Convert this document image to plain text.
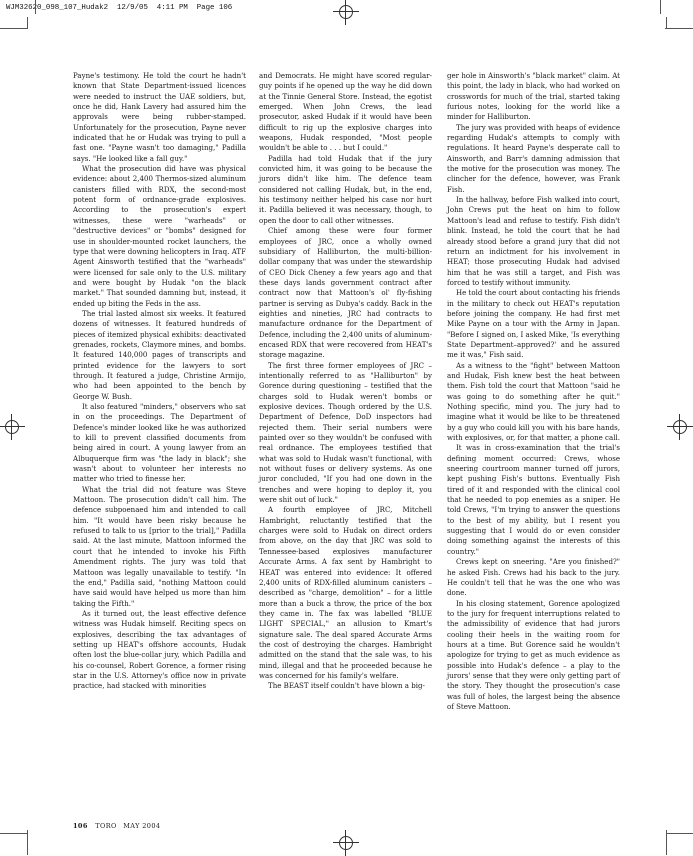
WJM32620_098_107_Hudak2  12/9/05  4:11 PM  Page 106

Payne's testimony. He told the court he hadn't known that State Department-issued licences were needed to instruct the UAE soldiers, but, once he did, Hank Lavery had assured him the approvals were being rubber-stamped. Unfortunately for the prosecution, Payne never indicated that he or Hudak was trying to pull a fast one. "Payne wasn't too damaging," Padilla says. "He looked like a fall guy."

What the prosecution did have was physical evidence: about 2,400 Thermos-sized aluminum canisters filled with RDX, the second-most potent form of ordnance-grade explosives. According to the prosecution's expert witnesses, these were "warheads" or "destructive devices" or "bombs" designed for use in shoulder-mounted rocket launchers, the type that were downing helicopters in Iraq. ATF Agent Ainsworth testified that the "warheads" were licensed for sale only to the U.S. military and were bought by Hudak "on the black market." That sounded damning but, instead, it ended up biting the Feds in the ass.

The trial lasted almost six weeks. It featured dozens of witnesses. It featured hundreds of pieces of itemized physical exhibits: deactivated grenades, rockets, Claymore mines, and bombs. It featured 140,000 pages of transcripts and printed evidence for the lawyers to sort through. It featured a judge, Christine Armijo, who had been appointed to the bench by George W. Bush.

It also featured "minders," observers who sat in on the proceedings. The Department of Defence's minder looked like he was authorized to kill to prevent classified documents from being aired in court. A young lawyer from an Albuquerque firm was "the lady in black"; she wasn't about to volunteer her interests no matter who tried to finesse her.

What the trial did not feature was Steve Mattoon. The prosecution didn't call him. The defence subpoenaed him and intended to call him. "It would have been risky because he refused to talk to us [prior to the trial]," Padilla said. At the last minute, Mattoon informed the court that he intended to invoke his Fifth Amendment rights. The jury was told that Mattoon was legally unavailable to testify. "In the end," Padilla said, "nothing Mattoon could have said would have helped us more than him taking the Fifth."

As it turned out, the least effective defence witness was Hudak himself. Reciting specs on explosives, describing the tax advantages of setting up HEAT's offshore accounts, Hudak often lost the blue-collar jury, which Padilla and his co-counsel, Robert Gorence, a former rising star in the U.S. Attorney's office now in private practice, had stacked with minorities

and Democrats. He might have scored regular-guy points if he opened up the way he did down at the Tinnie General Store. Instead, the egotist emerged. When John Crews, the lead prosecutor, asked Hudak if it would have been difficult to rig up the explosive charges into weapons, Hudak responded, "Most people wouldn't be able to . . . but I could."

Padilla had told Hudak that if the jury convicted him, it was going to be because the jurors didn't like him. The defence team considered not calling Hudak, but, in the end, his testimony neither helped his case nor hurt it. Padilla believed it was necessary, though, to open the door to call other witnesses.

Chief among these were four former employees of JRC, once a wholly owned subsidiary of Halliburton, the multi-billion-dollar company that was under the stewardship of CEO Dick Cheney a few years ago and that these days lands government contract after contract now that Mattoon's ol' fly-fishing partner is serving as Dubya's caddy. Back in the eighties and nineties, JRC had contracts to manufacture ordnance for the Department of Defence, including the 2,400 units of aluminum-encased RDX that were recovered from HEAT's storage magazine.

The first three former employees of JRC – intentionally referred to as "Halliburton" by Gorence during questioning – testified that the charges sold to Hudak weren't bombs or explosive devices. Though ordered by the U.S. Department of Defence, DoD inspectors had rejected them. Their serial numbers were painted over so they wouldn't be confused with real ordnance. The employees testified that what was sold to Hudak wasn't functional, with not without fuses or delivery systems. As one juror concluded, "If you had one down in the trenches and were hoping to deploy it, you were shit out of luck."

A fourth employee of JRC, Mitchell Hambright, reluctantly testified that the charges were sold to Hudak on direct orders from above, on the day that JRC was sold to Tennessee-based explosives manufacturer Accurate Arms. A fax sent by Hambright to HEAT was entered into evidence: It offered 2,400 units of RDX-filled aluminum canisters – described as "charge, demolition" – for a little more than a buck a throw, the price of the box they came in. The fax was labelled "BLUE LIGHT SPECIAL," an allusion to Kmart's signature sale. The deal spared Accurate Arms the cost of destroying the charges. Hambright admitted on the stand that the sale was, to his mind, illegal and that he proceeded because he was concerned for his family's welfare.

The BEAST itself couldn't have blown a big-

ger hole in Ainsworth's "black market" claim. At this point, the lady in black, who had worked on crosswords for much of the trial, started taking furious notes, looking for the world like a minder for Halliburton.

The jury was provided with heaps of evidence regarding Hudak's attempts to comply with regulations. It heard Payne's desperate call to Ainsworth, and Barr's damning admission that the motive for the prosecution was money. The clincher for the defence, however, was Frank Fish.

In the hallway, before Fish walked into court, John Crews put the heat on him to follow Mattoon's lead and refuse to testify. Fish didn't blink. Instead, he told the court that he had already stood before a grand jury that did not return an indictment for his involvement in HEAT; those prosecuting Hudak had advised him that he was still a target, and Fish was forced to testify without immunity.

He told the court about contacting his friends in the military to check out HEAT's reputation before joining the company. He had first met Mike Payne on a tour with the Army in Japan. "Before I signed on, I asked Mike, 'Is everything State Department–approved?' and he assured me it was," Fish said.

As a witness to the "fight" between Mattoon and Hudak, Fish knew best the heat between them. Fish told the court that Mattoon "said he was going to do something after he quit." Nothing specific, mind you. The jury had to imagine what it would be like to be threatened by a guy who could kill you with his bare hands, with explosives, or, for that matter, a phone call.

It was in cross-examination that the trial's defining moment occurred: Crews, whose sneering courtroom manner turned off jurors, kept pushing Fish's buttons. Eventually Fish tired of it and responded with the clinical cool that he needed to pop enemies as a sniper. He told Crews, "I'm trying to answer the questions to the best of my ability, but I resent you suggesting that I would do or even consider doing something against the interests of this country."

Crews kept on sneering. "Are you finished?" he asked Fish. Crews had his back to the jury. He couldn't tell that he was the one who was done.

In his closing statement, Gorence apologized to the jury for frequent interruptions related to the admissibility of evidence that had jurors cooling their heels in the waiting room for hours at a time. But Gorence said he wouldn't apologize for trying to get as much evidence as possible into Hudak's defence – a play to the jurors' sense that they were only getting part of the story. They thought the prosecution's case was full of holes, the largest being the absence of Steve Mattoon.

106 TORO MAY 2004
